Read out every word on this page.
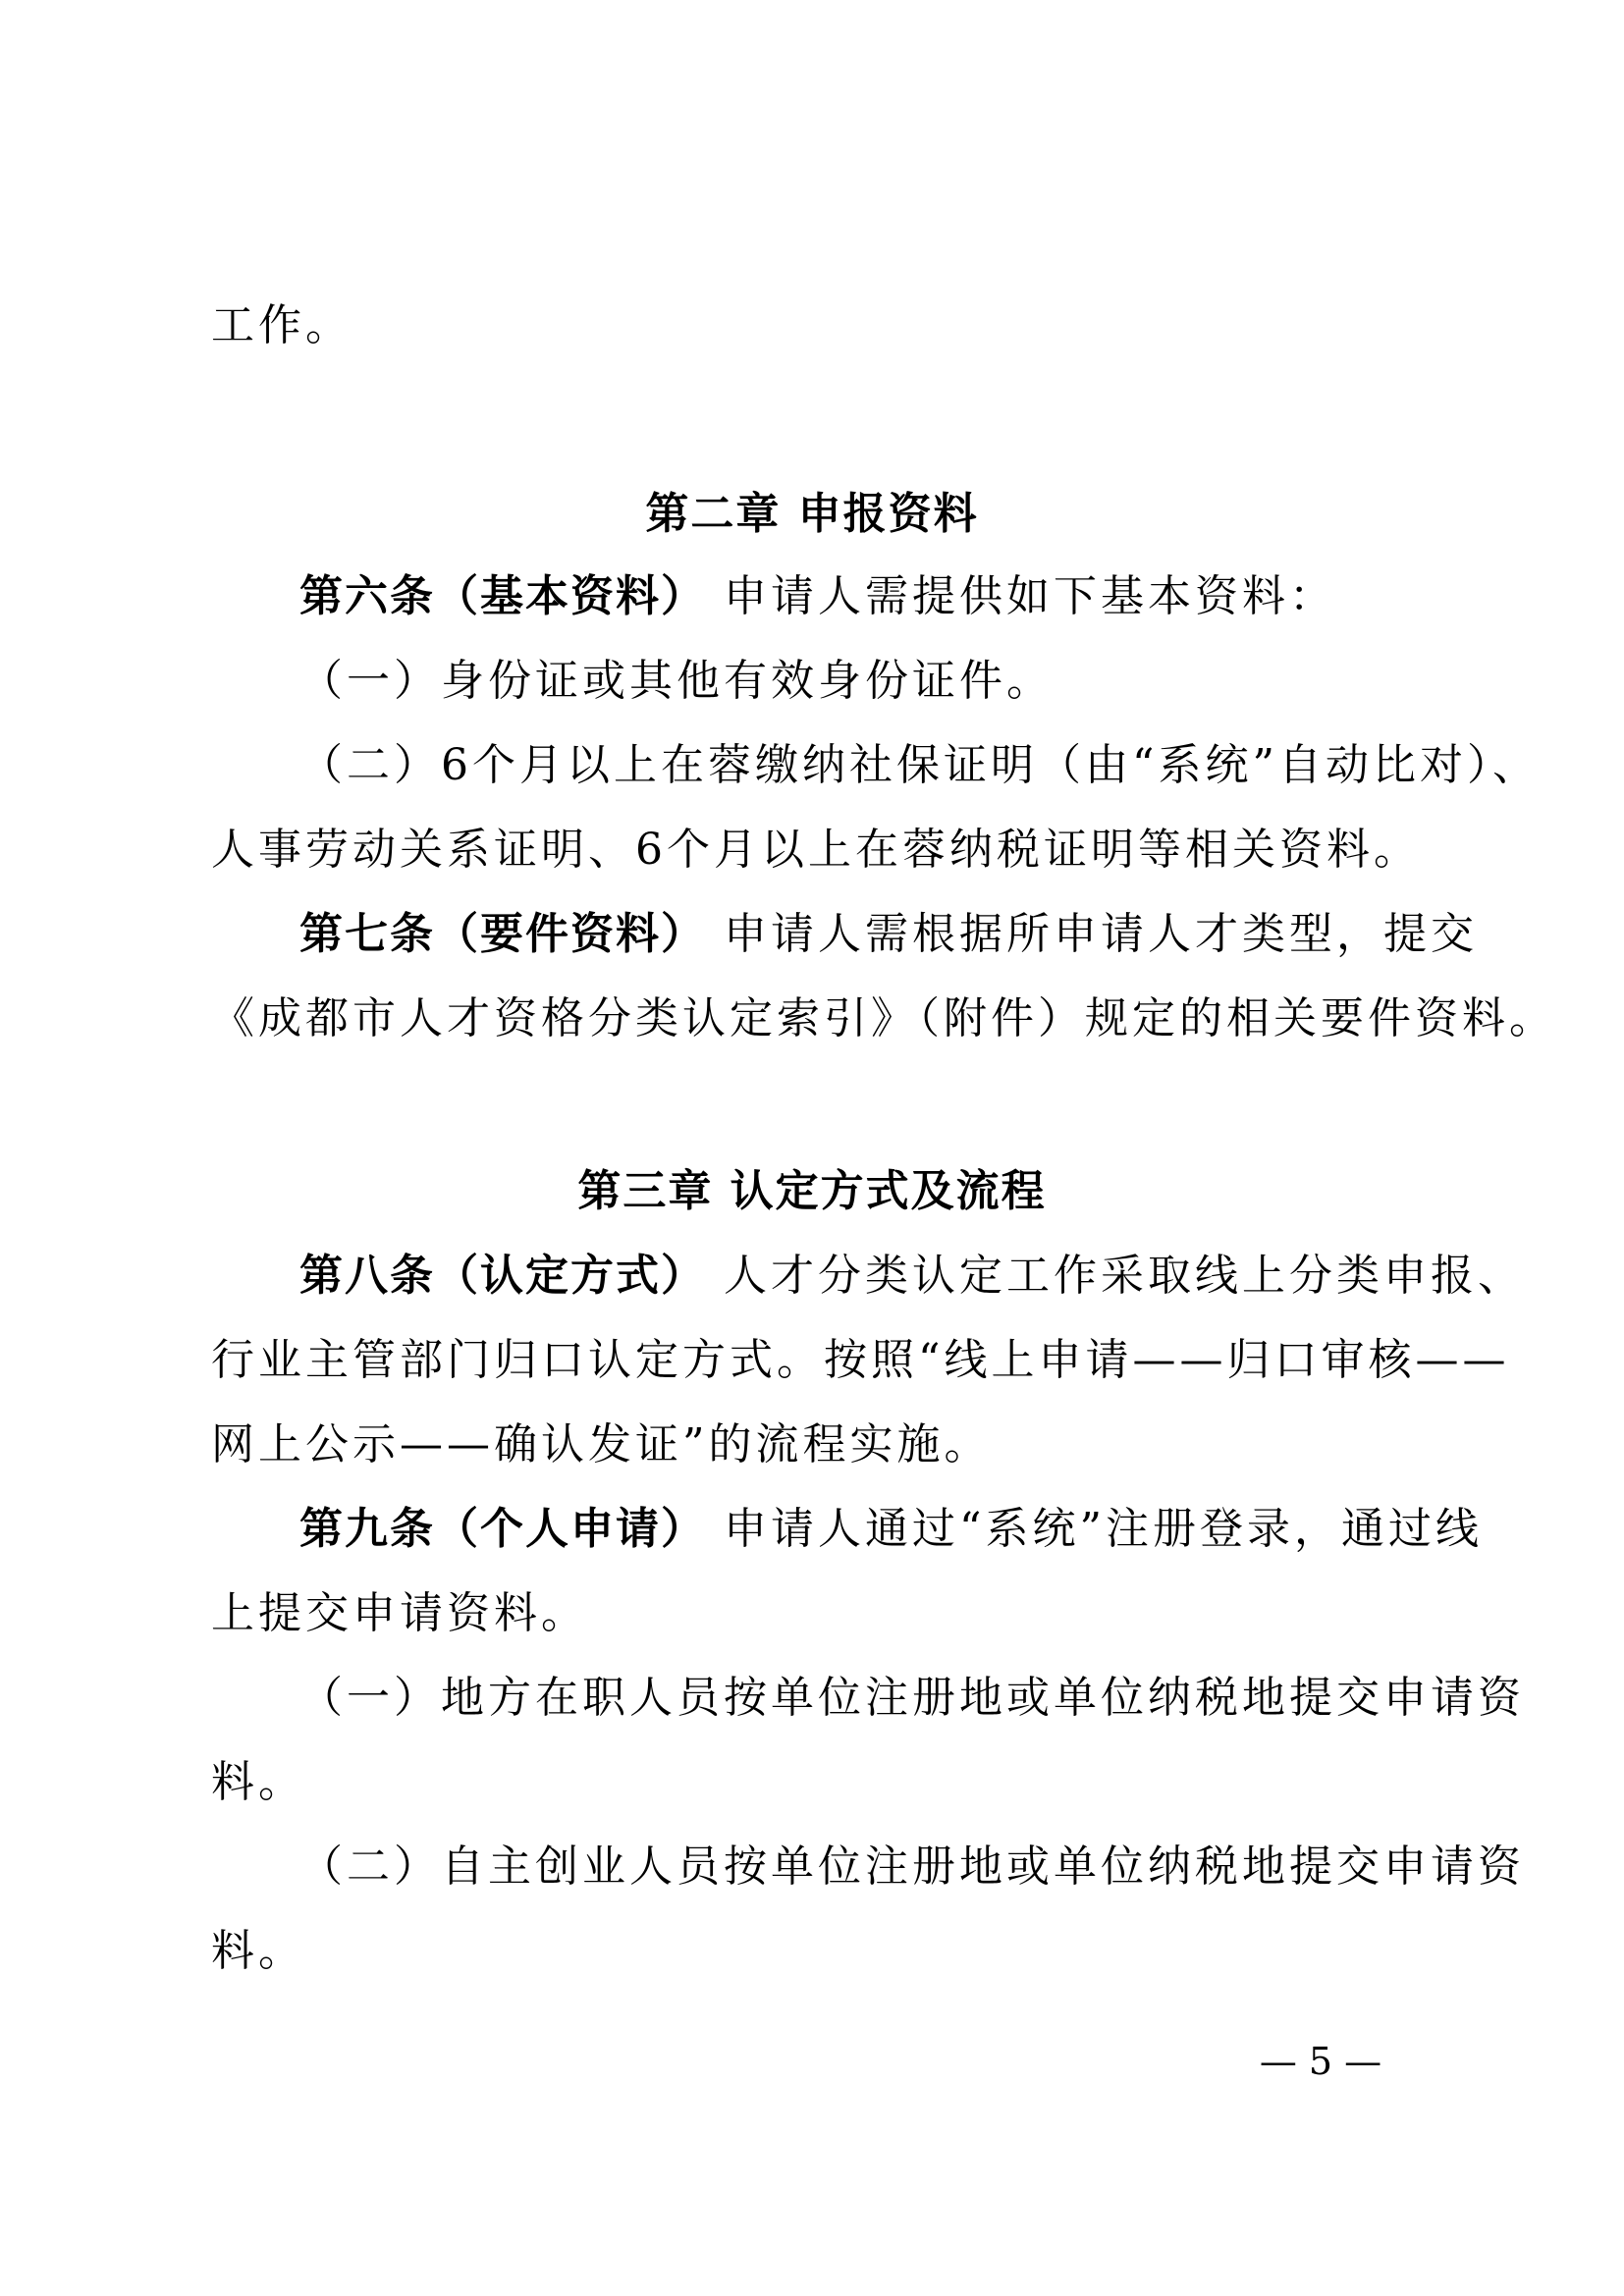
工作。
第二章 申报资料
第六条（基本资料） 申请人需提供如下基本资料：
（一）身份证或其他有效身份证件。
（二）6个月以上在蓉缴纳社保证明（由“系统”自动比对）、
人事劳动关系证明、6个月以上在蓉纳税证明等相关资料。
第七条（要件资料） 申请人需根据所申请人才类型，提交
《成都市人才资格分类认定索引》（附件）规定的相关要件资料。
第三章 认定方式及流程
第八条（认定方式） 人才分类认定工作采取线上分类申报、
行业主管部门归口认定方式。按照“线上申请——归口审核——
网上公示——确认发证”的流程实施。
第九条（个人申请） 申请人通过“系统”注册登录，通过线
上提交申请资料。
（一）地方在职人员按单位注册地或单位纳税地提交申请资
料。
（二）自主创业人员按单位注册地或单位纳税地提交申请资
料。
— 5 —
